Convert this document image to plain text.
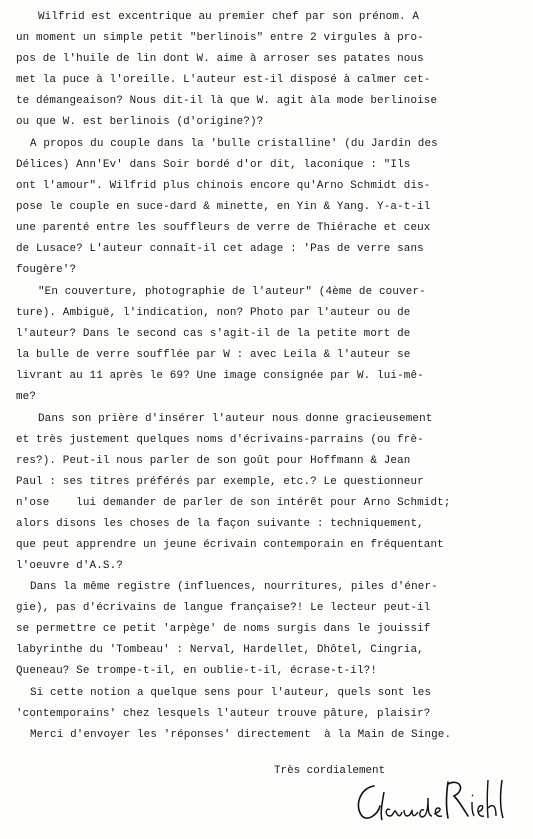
Wilfrid est excentrique au premier chef par son prénom. A
un moment un simple petit "berlinois" entre 2 virgules à pro-
pos de l'huile de lin dont W. aime à arroser ses patates nous
met la puce à l'oreille. L'auteur est-il disposé à calmer cet-
te démangeaison? Nous dit-il là que W. agit àla mode berlinoise
ou que W. est berlinois (d'origine?)?
A propos du couple dans la 'bulle cristalline' (du Jardin des
Délices) Ann'Ev' dans Soir bordé d'or dit, laconique : "Ils
ont l'amour". Wilfrid plus chinois encore qu'Arno Schmidt dis-
pose le couple en suce-dard & minette, en Yin & Yang. Y-a-t-il
une parenté entre les souffleurs de verre de Thiérache et ceux
de Lusace? L'auteur connaît-il cet adage : 'Pas de verre sans
fougère'?
"En couverture, photographie de l'auteur" (4ème de couver-
ture). Ambiguë, l'indication, non? Photo par l'auteur ou de
l'auteur? Dans le second cas s'agit-il de la petite mort de
la bulle de verre soufflée par W : avec Leila & l'auteur se
livrant au 11 après le 69? Une image consignée par W. lui-mê-
me?
Dans son prière d'insérer l'auteur nous donne gracieusement
et très justement quelques noms d'écrivains-parrains (ou frè-
res?). Peut-il nous parler de son goût pour Hoffmann & Jean
Paul : ses titres préférés par exemple, etc.? Le questionneur
n'ose    lui demander de parler de son intérêt pour Arno Schmidt;
alors disons les choses de la façon suivante : techniquement,
que peut apprendre un jeune écrivain contemporain en fréquentant
l'oeuvre d'A.S.?
Dans la même registre (influences, nourritures, piles d'éner-
gie), pas d'écrivains de langue française?! Le lecteur peut-il
se permettre ce petit 'arpège' de noms surgis dans le jouissif
labyrinthe du 'Tombeau' : Nerval, Hardellet, Dhôtel, Cingria,
Queneau? Se trompe-t-il, en oublie-t-il, écrase-t-il?!
Si cette notion a quelque sens pour l'auteur, quels sont les
'contemporains' chez lesquels l'auteur trouve pâture, plaisir?
Merci d'envoyer les 'réponses' directement  à la Main de Singe.
Très cordialement
